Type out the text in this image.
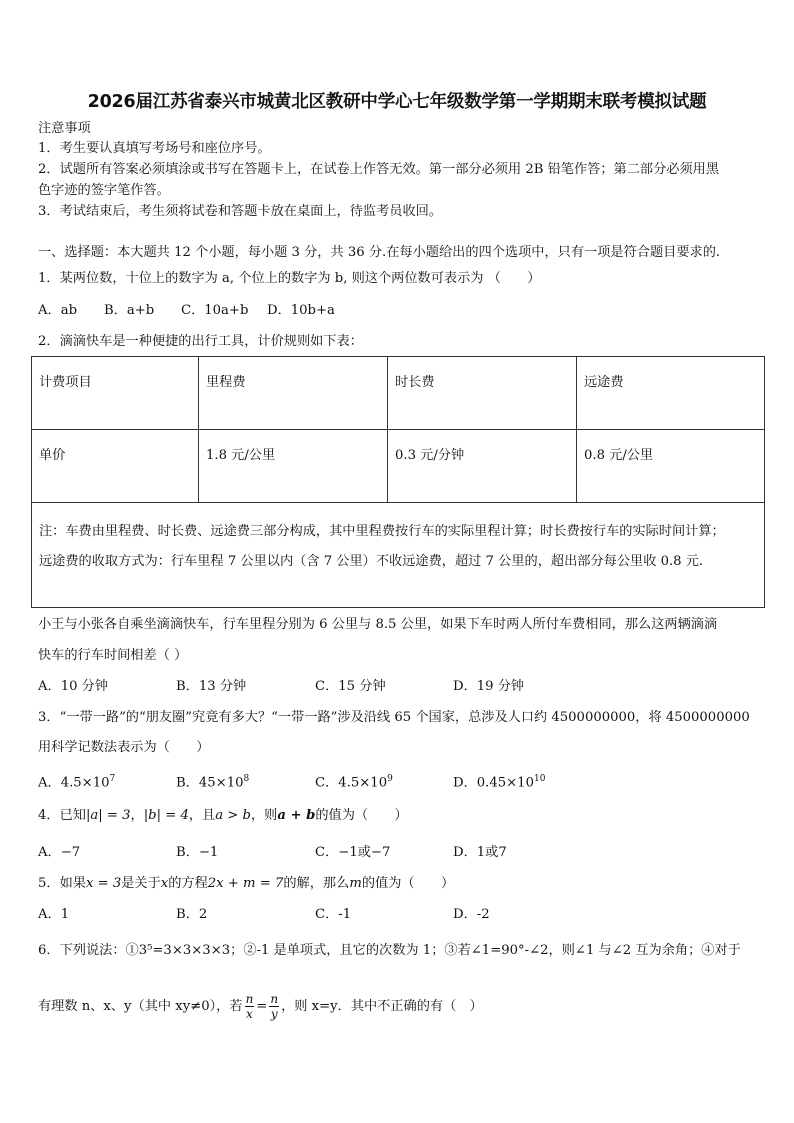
2026届江苏省泰兴市城黄北区教研中学心七年级数学第一学期期末联考模拟试题
注意事项
1．考生要认真填写考场号和座位序号。
2．试题所有答案必须填涂或书写在答题卡上，在试卷上作答无效。第一部分必须用 2B 铅笔作答；第二部分必须用黑
色字迹的签字笔作答。
3．考试结束后，考生须将试卷和答题卡放在桌面上，待监考员收回。
一、选择题：本大题共 12 个小题，每小题 3 分，共 36 分.在每小题给出的四个选项中，只有一项是符合题目要求的.
1．某两位数，十位上的数字为 a, 个位上的数字为 b, 则这个两位数可表示为 （　　）
A．ab B．a+b C．10a+b D．10b+a
2．滴滴快车是一种便捷的出行工具，计价规则如下表：
计费项目	里程费	时长费	远途费
单价	1.8 元/公里	0.3 元/分钟	0.8 元/公里

注：车费由里程费、时长费、远途费三部分构成，其中里程费按行车的实际里程计算；时长费按行车的实际时间计算；
远途费的收取方式为：行车里程 7 公里以内（含 7 公里）不收远途费，超过 7 公里的，超出部分每公里收 0.8 元.			
小王与小张各自乘坐滴滴快车，行车里程分别为 6 公里与 8.5 公里，如果下车时两人所付车费相同，那么这两辆滴滴
快车的行车时间相差（ ）
A．10 分钟	B．13 分钟	C．15 分钟	D．19 分钟
3．“一带一路”的“朋友圈”究竟有多大？“一带一路”涉及沿线 65 个国家，总涉及人口约 4500000000，将 4500000000
用科学记数法表示为（　　）
A．$4.5\times 10^7$	B．$45\times 10^8$	C．$4.5\times 10^9$	D．$0.45\times 10^{10}$
4．已知|a| = 3，|b| = 4，且a > b，则a + b的值为（　　）
A．−7	B．−1	C．−1或−7	D．1或7
5．如果x = 3是关于x的方程2x + m = 7的解，那么m的值为（　　）
A．1	B．2	C．-1	D．-2
6．下列说法：①3⁵=3×3×3×3；②-1 是单项式，且它的次数为 1；③若∠1=90°-∠2，则∠1 与∠2 互为余角；④对于
有理数 n、x、y（其中 xy≠0），若 $\frac{n}{x} = \frac{n}{y}$ ，则 x=y．其中不正确的有（　）
